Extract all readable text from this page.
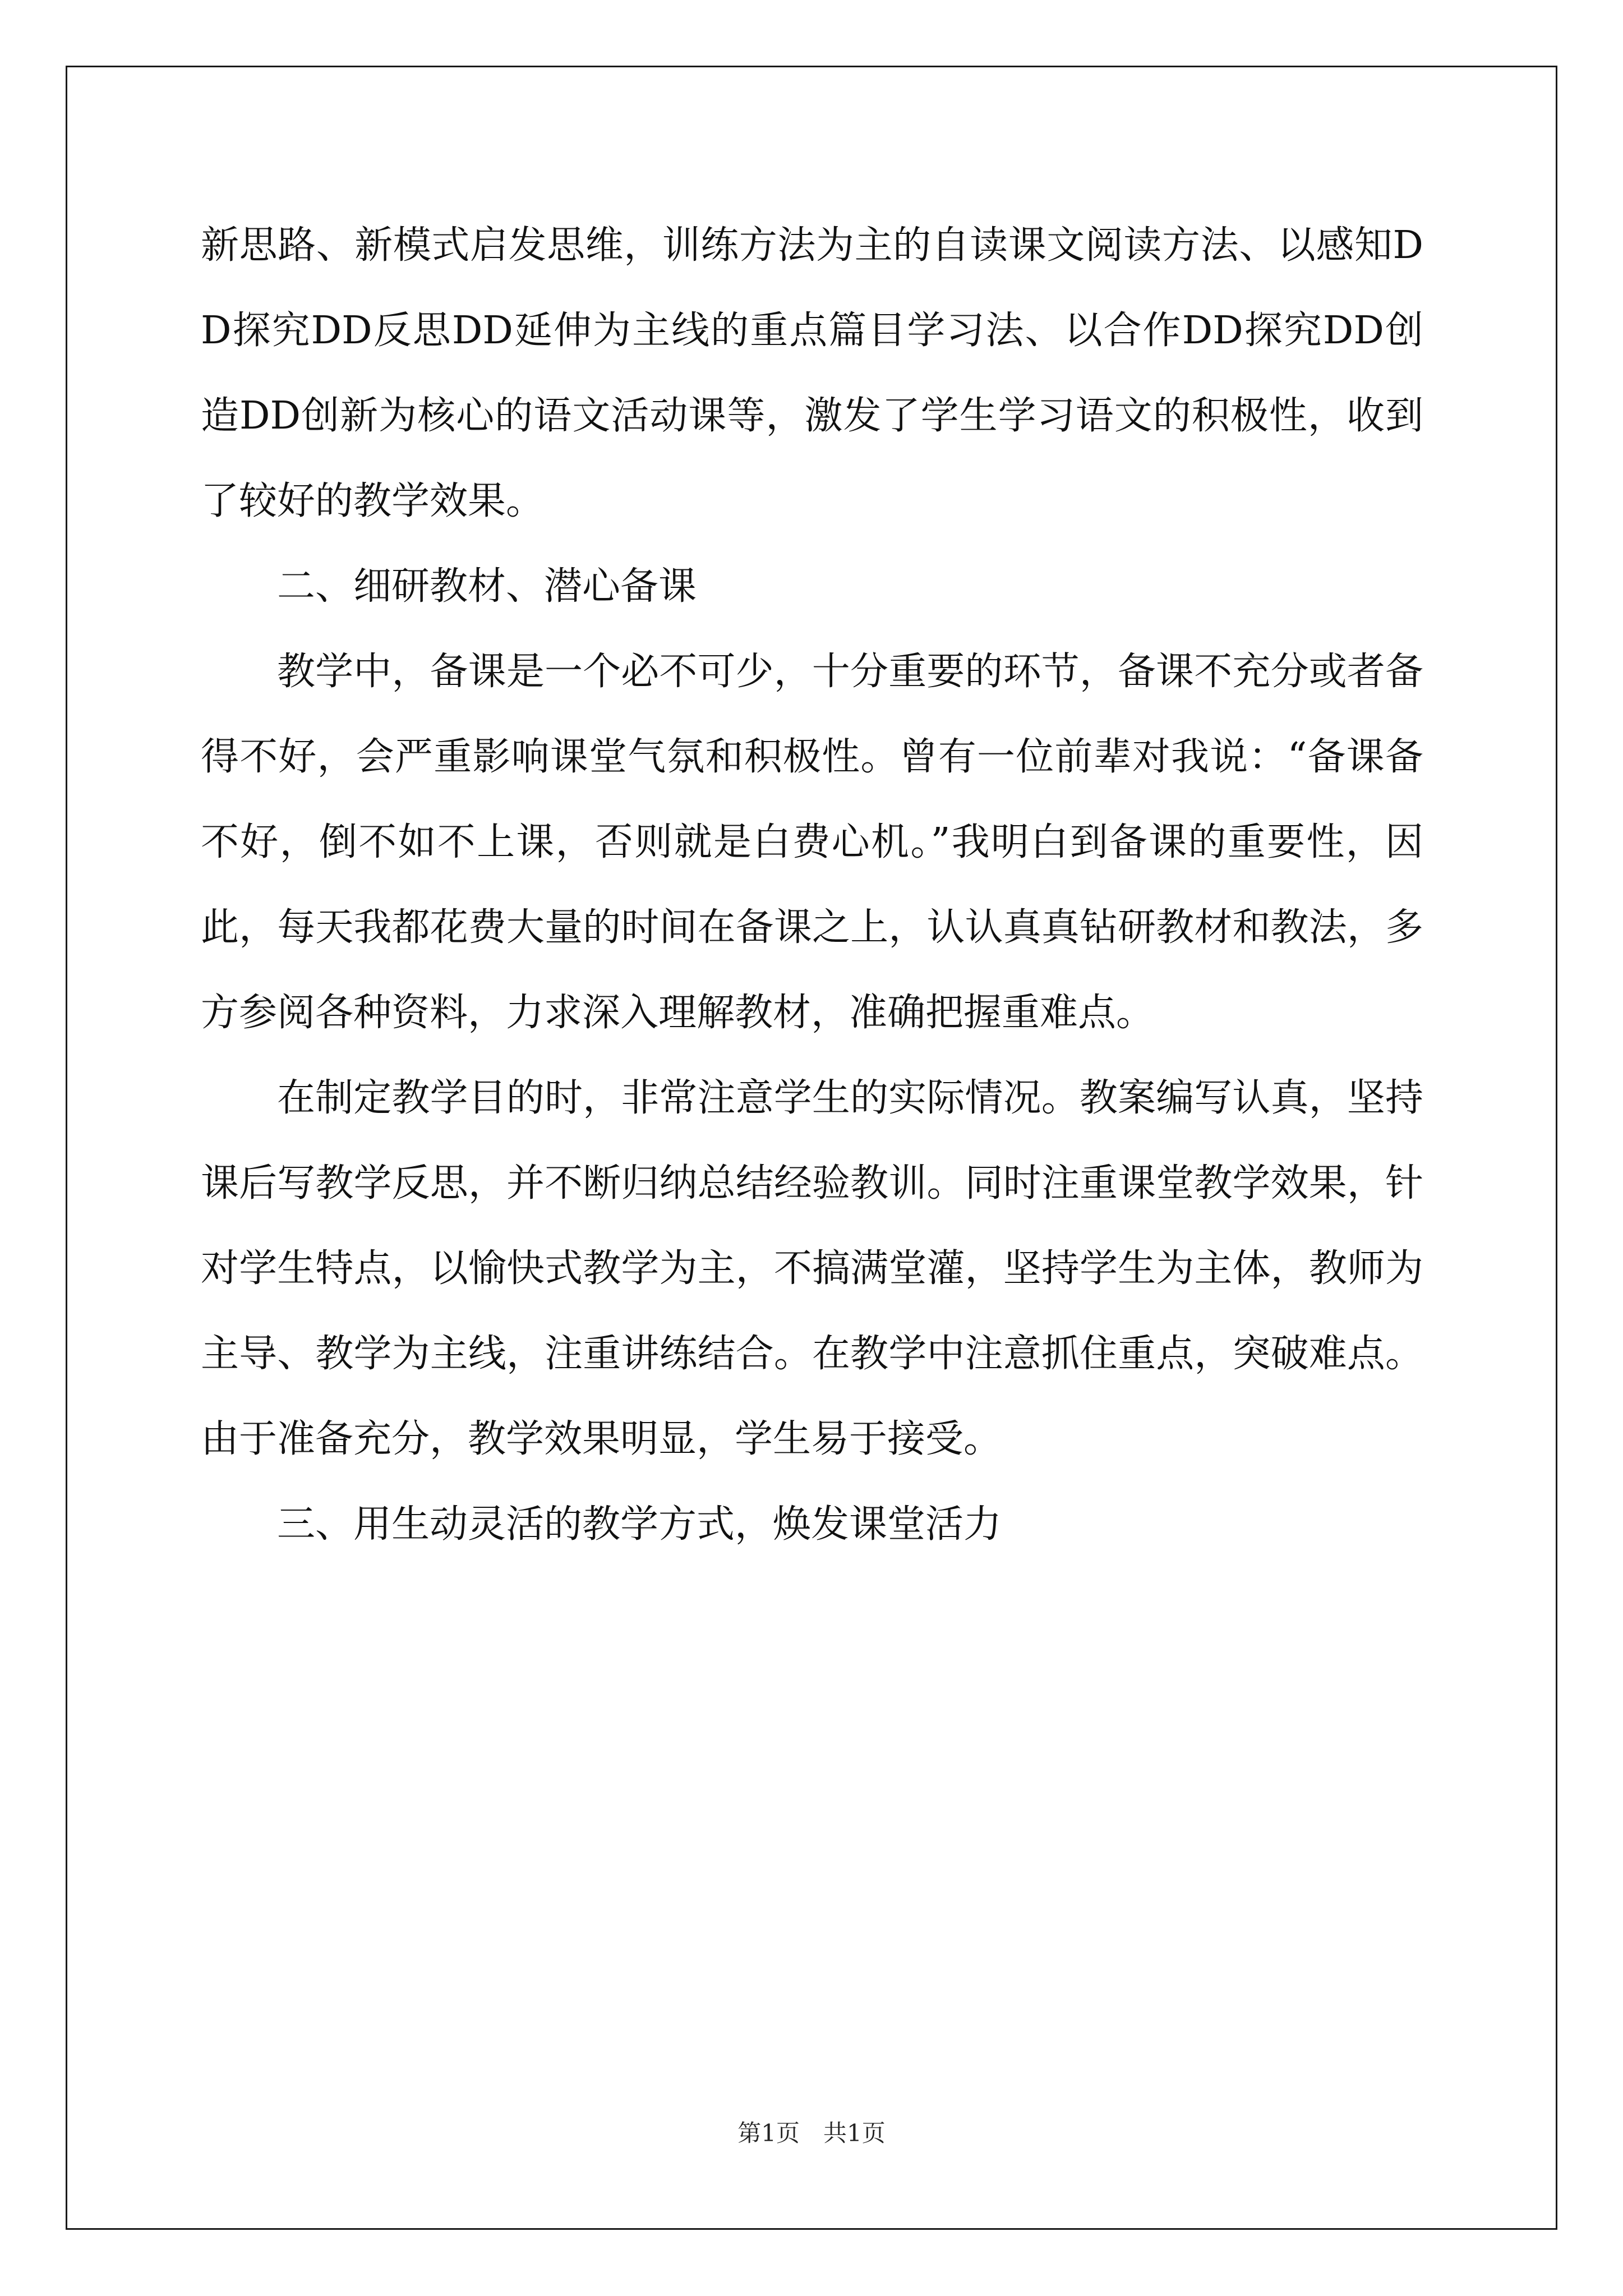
新思路、新模式启发思维，训练方法为主的自读课文阅读方法、以感知DD探究DD反思DD延伸为主线的重点篇目学习法、以合作DD探究DD创造DD创新为核心的语文活动课等，激发了学生学习语文的积极性，收到了较好的教学效果。

二、细研教材、潜心备课

教学中，备课是一个必不可少，十分重要的环节，备课不充分或者备得不好，会严重影响课堂气氛和积极性。曾有一位前辈对我说：“备课备不好，倒不如不上课，否则就是白费心机。”我明白到备课的重要性，因此，每天我都花费大量的时间在备课之上，认认真真钻研教材和教法，多方参阅各种资料，力求深入理解教材，准确把握重难点。

在制定教学目的时，非常注意学生的实际情况。教案编写认真，坚持课后写教学反思，并不断归纳总结经验教训。同时注重课堂教学效果，针对学生特点，以愉快式教学为主，不搞满堂灌，坚持学生为主体，教师为主导、教学为主线，注重讲练结合。在教学中注意抓住重点，突破难点。由于准备充分，教学效果明显，学生易于接受。

三、用生动灵活的教学方式，焕发课堂活力

第1页　共1页
